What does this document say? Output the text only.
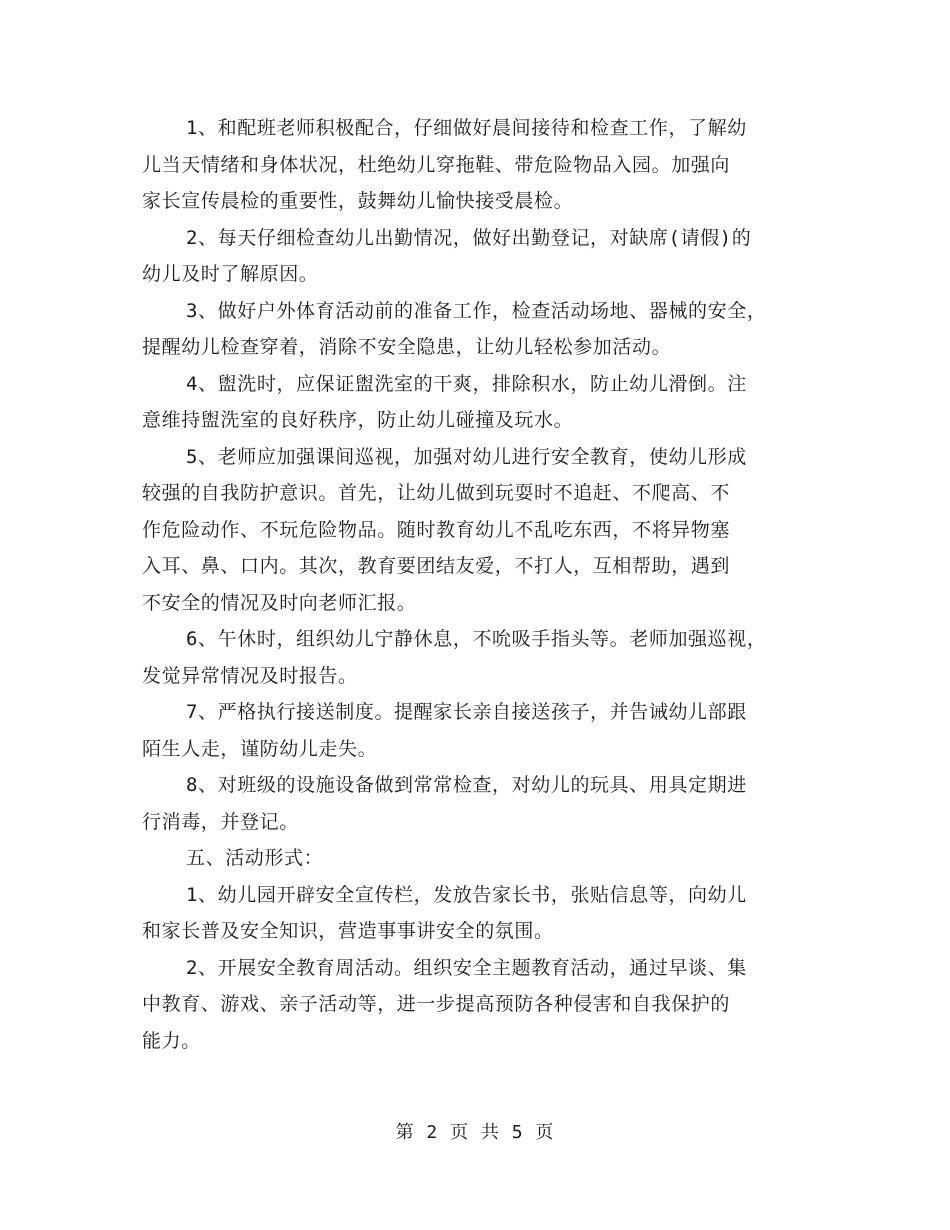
1、和配班老师积极配合，仔细做好晨间接待和检查工作，了解幼
儿当天情绪和身体状况，杜绝幼儿穿拖鞋、带危险物品入园。加强向
家长宣传晨检的重要性，鼓舞幼儿愉快接受晨检。
2、每天仔细检查幼儿出勤情况，做好出勤登记，对缺席(请假)的
幼儿及时了解原因。
3、做好户外体育活动前的准备工作，检查活动场地、器械的安全，
提醒幼儿检查穿着，消除不安全隐患，让幼儿轻松参加活动。
4、盥洗时，应保证盥洗室的干爽，排除积水，防止幼儿滑倒。注
意维持盥洗室的良好秩序，防止幼儿碰撞及玩水。
5、老师应加强课间巡视，加强对幼儿进行安全教育，使幼儿形成
较强的自我防护意识。首先，让幼儿做到玩耍时不追赶、不爬高、不
作危险动作、不玩危险物品。随时教育幼儿不乱吃东西，不将异物塞
入耳、鼻、口内。其次，教育要团结友爱，不打人，互相帮助，遇到
不安全的情况及时向老师汇报。
6、午休时，组织幼儿宁静休息，不吮吸手指头等。老师加强巡视，
发觉异常情况及时报告。
7、严格执行接送制度。提醒家长亲自接送孩子，并告诫幼儿部跟
陌生人走，谨防幼儿走失。
8、对班级的设施设备做到常常检查，对幼儿的玩具、用具定期进
行消毒，并登记。
五、活动形式：
1、幼儿园开辟安全宣传栏，发放告家长书，张贴信息等，向幼儿
和家长普及安全知识，营造事事讲安全的氛围。
2、开展安全教育周活动。组织安全主题教育活动，通过早谈、集
中教育、游戏、亲子活动等，进一步提高预防各种侵害和自我保护的
能力。
第 2 页 共 5 页
